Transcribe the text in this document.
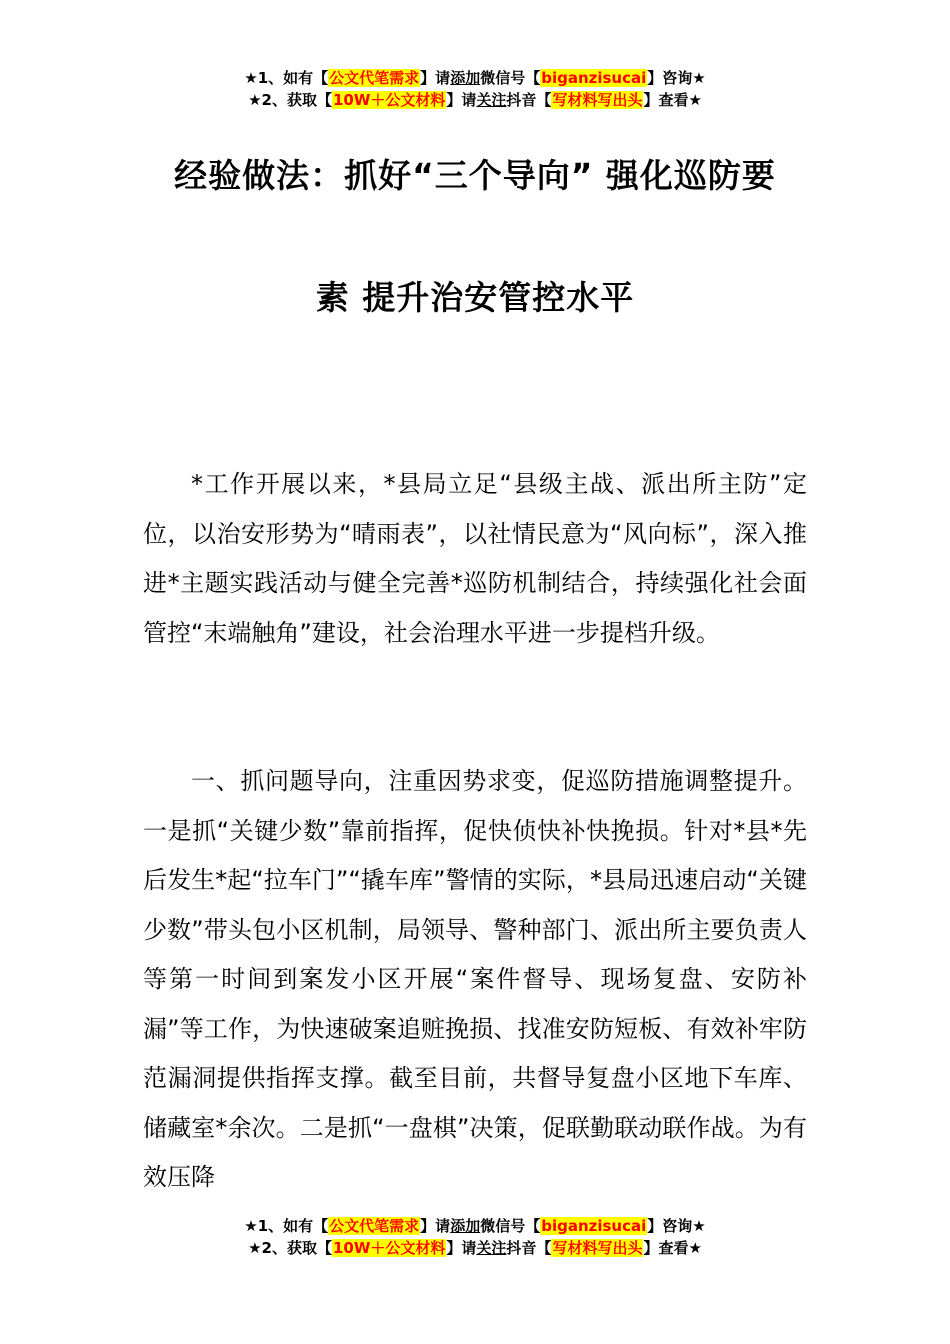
★1、如有【公文代笔需求】请添加微信号【biganzisucai】咨询★
★2、获取【10W＋公文材料】请关注抖音【写材料写出头】查看★
经验做法：抓好“三个导向” 强化巡防要
素 提升治安管控水平

*工作开展以来，*县局立足“县级主战、派出所主防”定位，以治安形势为“晴雨表”，以社情民意为“风向标”，深入推进*主题实践活动与健全完善*巡防机制结合，持续强化社会面管控“末端触角”建设，社会治理水平进一步提档升级。

一、抓问题导向，注重因势求变，促巡防措施调整提升。一是抓“关键少数”靠前指挥，促快侦快补快挽损。针对*县*先后发生*起“拉车门”“撬车库”警情的实际，*县局迅速启动“关键少数”带头包小区机制，局领导、警种部门、派出所主要负责人等第一时间到案发小区开展“案件督导、现场复盘、安防补漏”等工作，为快速破案追赃挽损、找准安防短板、有效补牢防范漏洞提供指挥支撑。截至目前，共督导复盘小区地下车库、储藏室*余次。二是抓“一盘棋”决策，促联勤联动联作战。为有效压降

★1、如有【公文代笔需求】请添加微信号【biganzisucai】咨询★
★2、获取【10W＋公文材料】请关注抖音【写材料写出头】查看★
